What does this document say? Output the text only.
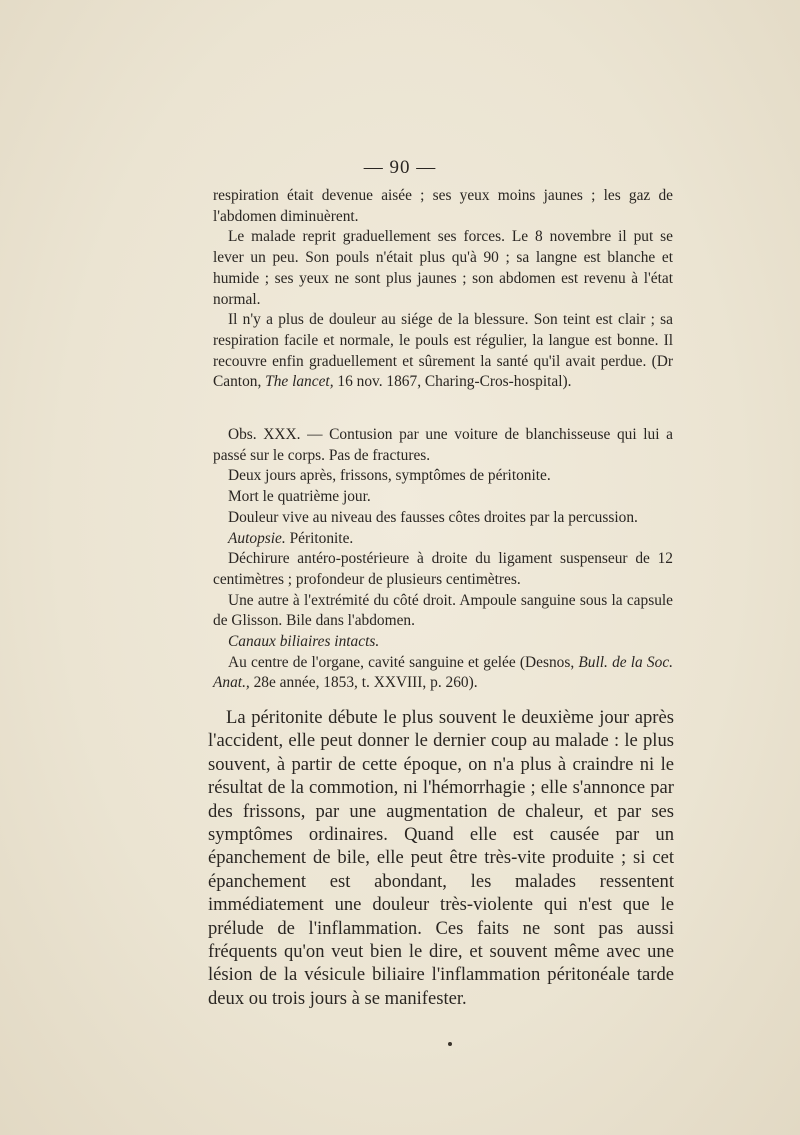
— 90 —

respiration était devenue aisée ; ses yeux moins jaunes ; les gaz de l'abdomen diminuèrent.

Le malade reprit graduellement ses forces. Le 8 novembre il put se lever un peu. Son pouls n'était plus qu'à 90 ; sa langne est blanche et humide ; ses yeux ne sont plus jaunes ; son abdomen est revenu à l'état normal.

Il n'y a plus de douleur au siége de la blessure. Son teint est clair ; sa respiration facile et normale, le pouls est régulier, la langue est bonne. Il recouvre enfin graduellement et sûrement la santé qu'il avait perdue. (Dr Canton, The lancet, 16 nov. 1867, Charing-Cros-hospital).

Obs. XXX. — Contusion par une voiture de blanchisseuse qui lui a passé sur le corps. Pas de fractures.

Deux jours après, frissons, symptômes de péritonite.

Mort le quatrième jour.

Douleur vive au niveau des fausses côtes droites par la percussion.

Autopsie. Péritonite.

Déchirure antéro-postérieure à droite du ligament suspenseur de 12 centimètres ; profondeur de plusieurs centimètres.

Une autre à l'extrémité du côté droit. Ampoule sanguine sous la capsule de Glisson. Bile dans l'abdomen.

Canaux biliaires intacts.

Au centre de l'organe, cavité sanguine et gelée (Desnos, Bull. de la Soc. Anat., 28e année, 1853, t. XXVIII, p. 260).

La péritonite débute le plus souvent le deuxième jour après l'accident, elle peut donner le dernier coup au malade : le plus souvent, à partir de cette époque, on n'a plus à craindre ni le résultat de la commotion, ni l'hémorrhagie ; elle s'annonce par des frissons, par une augmentation de chaleur, et par ses symptômes ordinaires. Quand elle est causée par un épanchement de bile, elle peut être très-vite produite ; si cet épanchement est abondant, les malades ressentent immédiatement une douleur très-violente qui n'est que le prélude de l'inflammation. Ces faits ne sont pas aussi fréquents qu'on veut bien le dire, et souvent même avec une lésion de la vésicule biliaire l'inflammation péritonéale tarde deux ou trois jours à se manifester.
